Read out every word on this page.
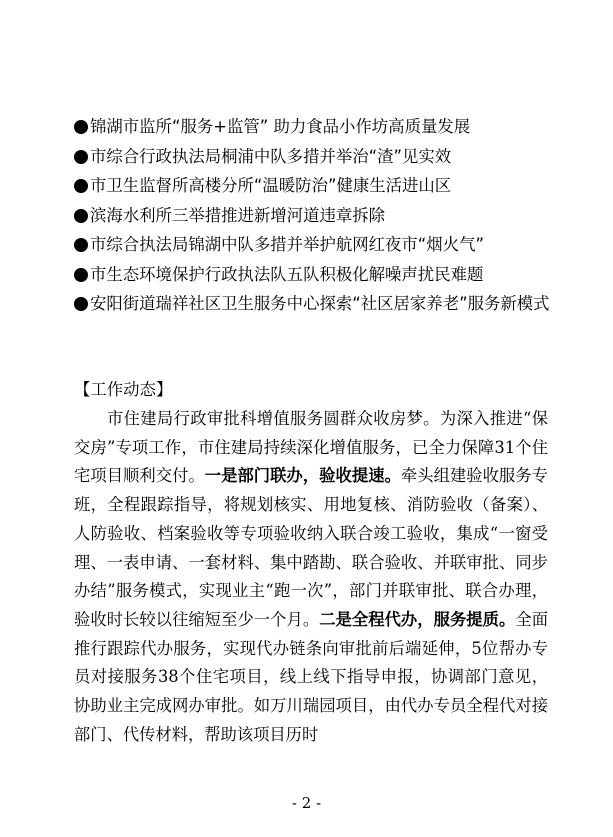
锦湖市监所“服务+监管” 助力食品小作坊高质量发展
市综合行政执法局桐浦中队多措并举治“渣”见实效
市卫生监督所高楼分所“温暖防治”健康生活进山区
滨海水利所三举措推进新增河道违章拆除
市综合执法局锦湖中队多措并举护航网红夜市“烟火气”
市生态环境保护行政执法队五队积极化解噪声扰民难题
安阳街道瑞祥社区卫生服务中心探索“社区居家养老”服务新模式
【工作动态】

市住建局行政审批科增值服务圆群众收房梦。为深入推进“保交房”专项工作，市住建局持续深化增值服务，已全力保障31个住宅项目顺利交付。一是部门联办，验收提速。牵头组建验收服务专班，全程跟踪指导，将规划核实、用地复核、消防验收（备案）、人防验收、档案验收等专项验收纳入联合竣工验收，集成“一窗受理、一表申请、一套材料、集中踏勘、联合验收、并联审批、同步办结”服务模式，实现业主“跑一次”，部门并联审批、联合办理，验收时长较以往缩短至少一个月。二是全程代办，服务提质。全面推行跟踪代办服务，实现代办链条向审批前后端延伸，5位帮办专员对接服务38个住宅项目，线上线下指导申报，协调部门意见，协助业主完成网办审批。如万川瑞园项目，由代办专员全程代对接部门、代传材料，帮助该项目历时

- 2 -
